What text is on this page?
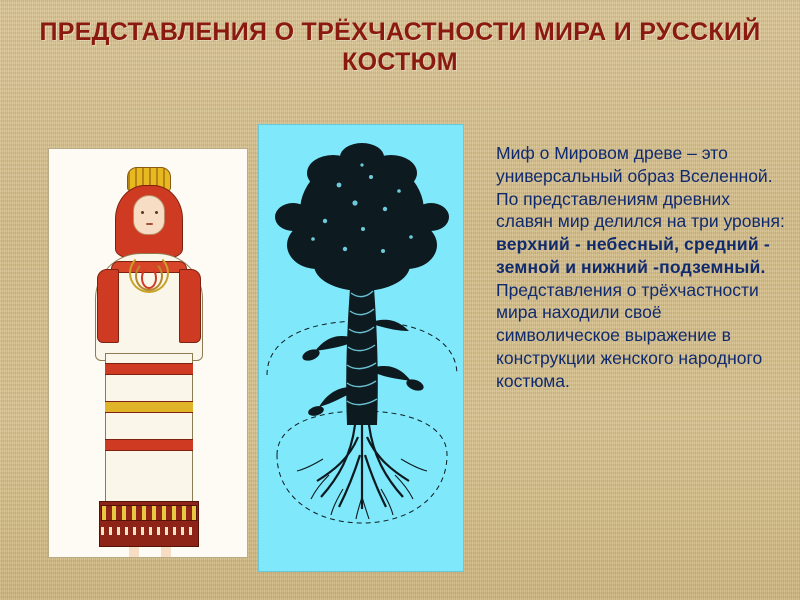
ПРЕДСТАВЛЕНИЯ О ТРЁХЧАСТНОСТИ МИРА И РУССКИЙ КОСТЮМ

Миф о Мировом древе – это универсальный образ Вселенной. По представлениям древних славян мир делился на три уровня: верхний - небесный, средний - земной и нижний -подземный. Представления о трёхчастности мира находили своё символическое выражение в конструкции женского народного костюма.
